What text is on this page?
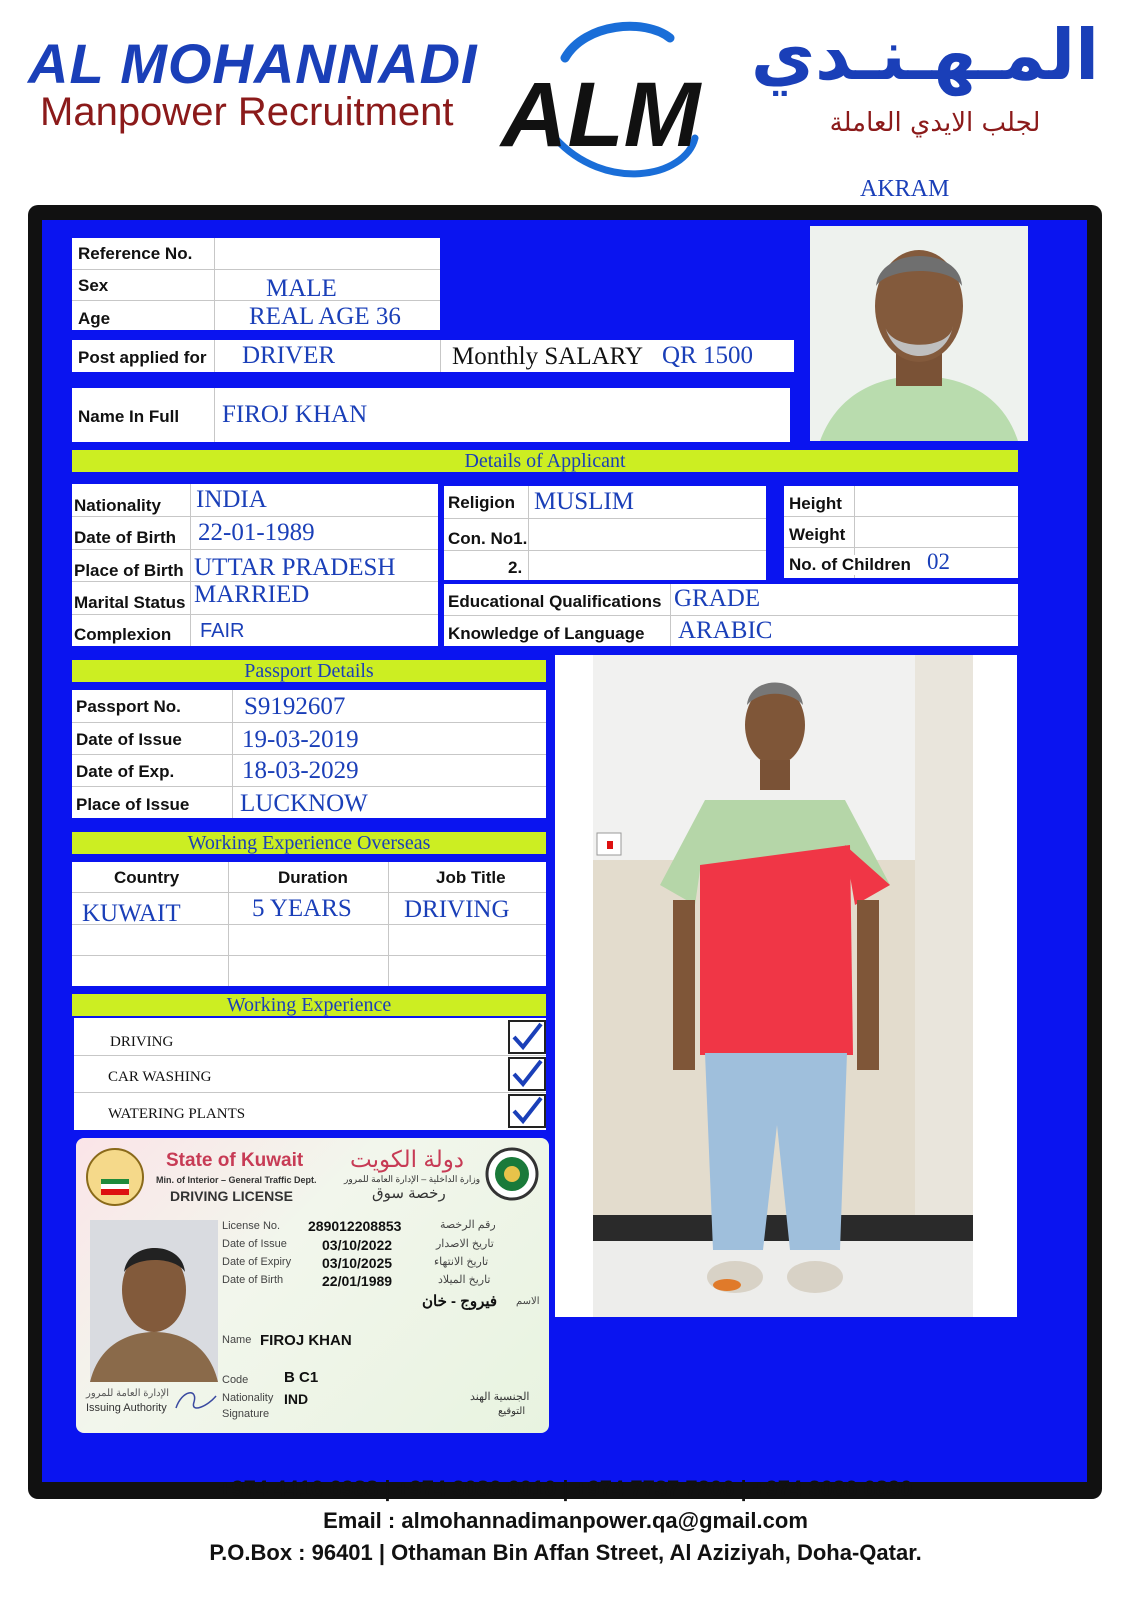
AL MOHANNADI
Manpower Recruitment ALM
المـهـنـدي
لجلب الايدي العاملة
AKRAM
Reference No.
Sex	MALE
Age	REAL AGE 36
Post applied for DRIVER	Monthly SALARY QR 1500
Name In Full FIROJ KHAN
Details of Applicant
Nationality INDIA
Date of Birth 22-01-1989
Place of Birth UTTAR PRADESH
Marital Status MARRIED
Complexion FAIR
Religion MUSLIM
Con. No1.
2.
Height
Weight
No. of Children 02
Educational Qualifications GRADE
Knowledge of Language ARABIC
Passport Details
Passport No.	S9192607
Date of Issue 19-03-2019
Date of Exp.	18-03-2029
Place of Issue LUCKNOW
Working Experience Overseas
Country	Duration	Job Title
KUWAIT	5 YEARS DRIVING
Working Experience
DRIVING
CAR WASHING
WATERING PLANTS
State of Kuwait دولة الكويت
Min. of Interior – General Traffic Dept.	وزارة الداخلية – الإدارة العامة للمرور
DRIVING LICENSE	رخصة سوق
License No. 289012208853	رقم الرخصة
Date of Issue	03/10/2022	تاريخ الاصدار
Date of Expiry 03/10/2025	تاريخ الانتهاء
Date of Birth	22/01/1989	تاريخ الميلاد
فيروج - خان الاسم
Name FIROJ KHAN
Code B C1
Nationality IND
Signature
الجنسية الهند
التوقيع
الإدارة العامة للمرور
Issuing Authority
+974 4416 6988 | +974 3086 6010 | +974 7737 7206 | +974 3086 6890
Email : almohannadimanpower.qa@gmail.com
P.O.Box : 96401 | Othaman Bin Affan Street, Al Aziziyah, Doha-Qatar.
